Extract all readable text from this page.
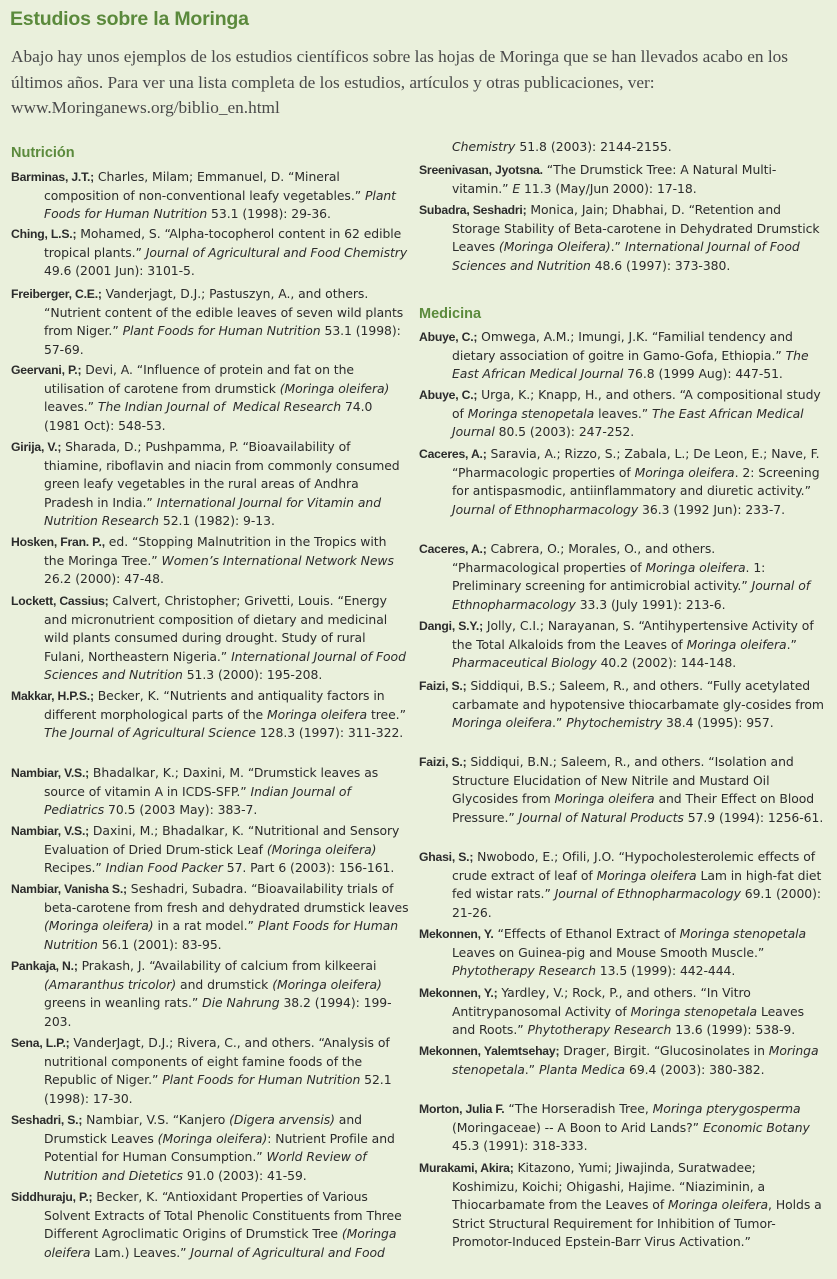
Estudios sobre la Moringa
Abajo hay unos ejemplos de los estudios científicos sobre las hojas de Moringa que se han llevados acabo en los últimos años. Para ver una lista completa de los estudios, artículos y otras publicaciones, ver: www.Moringanews.org/biblio_en.html
Nutrición
Barminas, J.T.; Charles, Milam; Emmanuel, D. “Mineral composition of non-conventional leafy vegetables.” Plant Foods for Human Nutrition 53.1 (1998): 29-36.
Ching, L.S.; Mohamed, S. “Alpha-tocopherol content in 62 edible tropical plants.” Journal of Agricultural and Food Chemistry 49.6 (2001 Jun): 3101-5.
Freiberger, C.E.; Vanderjagt, D.J.; Pastuszyn, A., and others. “Nutrient content of the edible leaves of seven wild plants from Niger.” Plant Foods for Human Nutrition 53.1 (1998): 57-69.
Geervani, P.; Devi, A. “Influence of protein and fat on the utilisation of carotene from drumstick (Moringa oleifera) leaves.” The Indian Journal of  Medical Research 74.0 (1981 Oct): 548-53.
Girija, V.; Sharada, D.; Pushpamma, P. “Bioavailability of thiamine, riboflavin and niacin from commonly consumed green leafy vegetables in the rural areas of Andhra Pradesh in India.” International Journal for Vitamin and Nutrition Research 52.1 (1982): 9-13.
Hosken, Fran. P., ed. “Stopping Malnutrition in the Tropics with the Moringa Tree.” Women’s International Network News 26.2 (2000): 47-48.
Lockett, Cassius; Calvert, Christopher; Grivetti, Louis. “Energy and micronutrient composition of dietary and medicinal wild plants consumed during drought. Study of rural Fulani, Northeastern Nigeria.” International Journal of Food Sciences and Nutrition 51.3 (2000): 195-208.
Makkar, H.P.S.; Becker, K. “Nutrients and antiquality factors in different morphological parts of the Moringa oleifera tree.” The Journal of Agricultural Science 128.3 (1997): 311-322.
Nambiar, V.S.; Bhadalkar, K.; Daxini, M. “Drumstick leaves as source of vitamin A in ICDS-SFP.” Indian Journal of Pediatrics 70.5 (2003 May): 383-7.
Nambiar, V.S.; Daxini, M.; Bhadalkar, K. “Nutritional and Sensory Evaluation of Dried Drum-stick Leaf (Moringa oleifera) Recipes.” Indian Food Packer 57. Part 6 (2003): 156-161.
Nambiar, Vanisha S.; Seshadri, Subadra. “Bioavailability trials of beta-carotene from fresh and dehydrated drumstick leaves (Moringa oleifera) in a rat model.” Plant Foods for Human Nutrition 56.1 (2001): 83-95.
Pankaja, N.; Prakash, J. “Availability of calcium from kilkeerai (Amaranthus tricolor) and drumstick (Moringa oleifera) greens in weanling rats.” Die Nahrung 38.2 (1994): 199-203.
Sena, L.P.; VanderJagt, D.J.; Rivera, C., and others. “Analysis of nutritional components of eight famine foods of the Republic of Niger.” Plant Foods for Human Nutrition 52.1 (1998): 17-30.
Seshadri, S.; Nambiar, V.S. “Kanjero (Digera arvensis) and Drumstick Leaves (Moringa oleifera): Nutrient Profile and Potential for Human Consumption.” World Review of Nutrition and Dietetics 91.0 (2003): 41-59.
Siddhuraju, P.; Becker, K. “Antioxidant Properties of Various Solvent Extracts of Total Phenolic Constituents from Three Different Agroclimatic Origins of Drumstick Tree (Moringa oleifera Lam.) Leaves.” Journal of Agricultural and Food
Chemistry 51.8 (2003): 2144-2155.
Sreenivasan, Jyotsna. “The Drumstick Tree: A Natural Multi-vitamin.” E 11.3 (May/Jun 2000): 17-18.
Subadra, Seshadri; Monica, Jain; Dhabhai, D. “Retention and Storage Stability of Beta-carotene in Dehydrated Drumstick Leaves (Moringa Oleifera).” International Journal of Food Sciences and Nutrition 48.6 (1997): 373-380.
Medicina
Abuye, C.; Omwega, A.M.; Imungi, J.K. “Familial tendency and dietary association of goitre in Gamo-Gofa, Ethiopia.” The East African Medical Journal 76.8 (1999 Aug): 447-51.
Abuye, C.; Urga, K.; Knapp, H., and others. “A compositional study of Moringa stenopetala leaves.” The East African Medical Journal 80.5 (2003): 247-252.
Caceres, A.; Saravia, A.; Rizzo, S.; Zabala, L.; De Leon, E.; Nave, F. “Pharmacologic properties of Moringa oleifera. 2: Screening for antispasmodic, antiinflammatory and diuretic activity.” Journal of Ethnopharmacology 36.3 (1992 Jun): 233-7.
Caceres, A.; Cabrera, O.; Morales, O., and others. “Pharmacological properties of Moringa oleifera. 1: Preliminary screening for antimicrobial activity.” Journal of Ethnopharmacology 33.3 (July 1991): 213-6.
Dangi, S.Y.; Jolly, C.I.; Narayanan, S. “Antihypertensive Activity of the Total Alkaloids from the Leaves of Moringa oleifera.” Pharmaceutical Biology 40.2 (2002): 144-148.
Faizi, S.; Siddiqui, B.S.; Saleem, R., and others. “Fully acetylated carbamate and hypotensive thiocarbamate gly-cosides from Moringa oleifera.” Phytochemistry 38.4 (1995): 957.
Faizi, S.; Siddiqui, B.N.; Saleem, R., and others. “Isolation and Structure Elucidation of New Nitrile and Mustard Oil Glycosides from Moringa oleifera and Their Effect on Blood Pressure.” Journal of Natural Products 57.9 (1994): 1256-61.
Ghasi, S.; Nwobodo, E.; Ofili, J.O. “Hypocholesterolemic effects of crude extract of leaf of Moringa oleifera Lam in high-fat diet fed wistar rats.” Journal of Ethnopharmacology 69.1 (2000): 21-26.
Mekonnen, Y. “Effects of Ethanol Extract of Moringa stenopetala Leaves on Guinea-pig and Mouse Smooth Muscle.” Phytotherapy Research 13.5 (1999): 442-444.
Mekonnen, Y.; Yardley, V.; Rock, P., and others. “In Vitro Antitrypanosomal Activity of Moringa stenopetala Leaves and Roots.” Phytotherapy Research 13.6 (1999): 538-9.
Mekonnen, Yalemtsehay; Drager, Birgit. “Glucosinolates in Moringa stenopetala.” Planta Medica 69.4 (2003): 380-382.
Morton, Julia F. “The Horseradish Tree, Moringa pterygosperma (Moringaceae) -- A Boon to Arid Lands?” Economic Botany 45.3 (1991): 318-333.
Murakami, Akira; Kitazono, Yumi; Jiwajinda, Suratwadee; Koshimizu, Koichi; Ohigashi, Hajime. “Niaziminin, a Thiocarbamate from the Leaves of Moringa oleifera, Holds a Strict Structural Requirement for Inhibition of Tumor-Promotor-Induced Epstein-Barr Virus Activation.”
